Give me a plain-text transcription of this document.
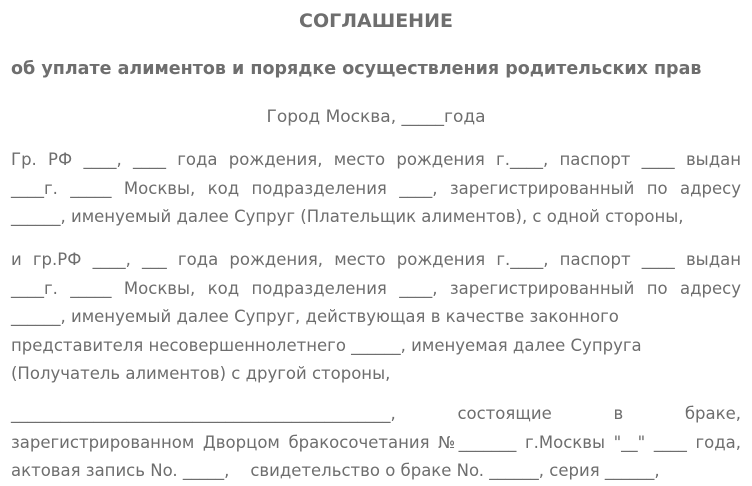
СОГЛАШЕНИЕ
об уплате алиментов и порядке осуществления родительских прав
Город Москва, _____года
Гр. РФ ____, ____ года рождения, место рождения г.____, паспорт ____ выдан
____г. _____ Москвы, код подразделения ____, зарегистрированный по адресу
______, именуемый далее Супруг (Плательщик алиментов), с одной стороны,
и гр.РФ ____, ___ года рождения, место рождения г.____, паспорт ____ выдан
____г. _____ Москвы, код подразделения ____, зарегистрированный по адресу
______, именуемый далее Супруг, действующая в качестве законного
представителя несовершеннолетнего ______, именуемая далее Супруга
(Получатель алиментов) с другой стороны,
______________________________________________, состоящие в браке,
зарегистрированном Дворцом бракосочетания №_______ г.Москвы "__" ____ года,
актовая запись No. _____,    свидетельство о браке No. ______, серия ______,
